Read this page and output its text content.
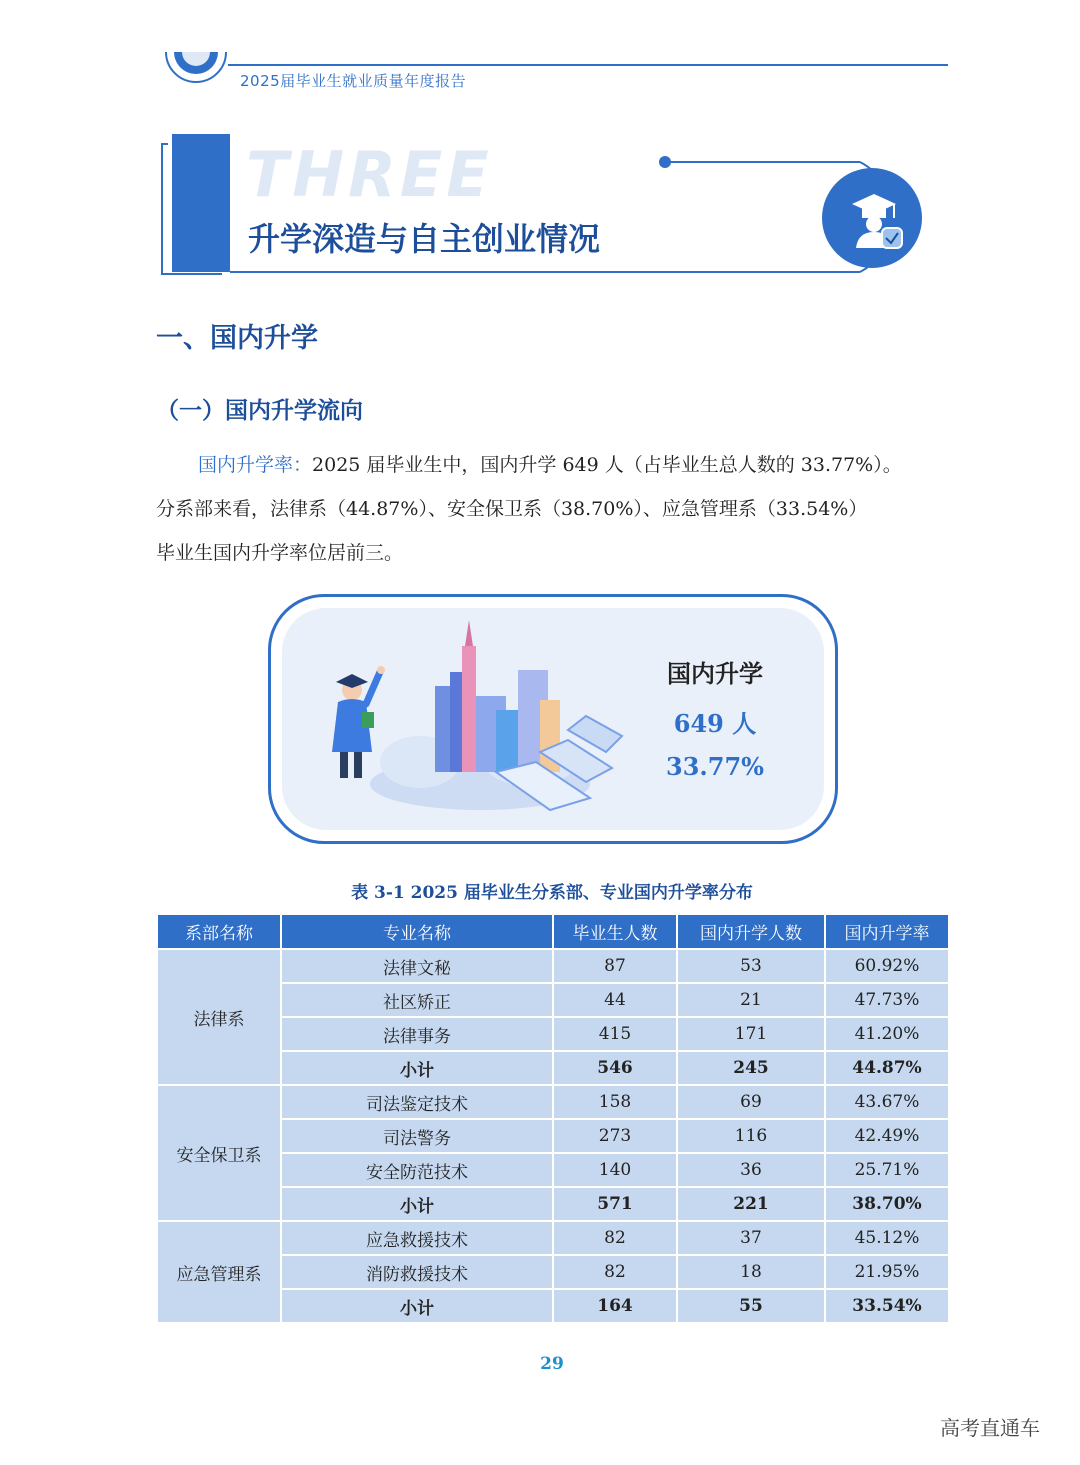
2025届毕业生就业质量年度报告
THREE
升学深造与自主创业情况
一、国内升学
（一）国内升学流向
国内升学率：2025 届毕业生中，国内升学 649 人（占毕业生总人数的 33.77%）。
分系部来看，法律系（44.87%）、安全保卫系（38.70%）、应急管理系（33.54%）
毕业生国内升学率位居前三。
国内升学
649 人
33.77%
表 3-1 2025 届毕业生分系部、专业国内升学率分布
系部名称	专业名称	毕业生人数	国内升学人数	国内升学率
法律系	法律文秘	87	53	60.92%
	社区矫正	44	21	47.73%
	法律事务	415	171	41.20%
	小计	546	245	44.87%
安全保卫系	司法鉴定技术	158	69	43.67%
	司法警务	273	116	42.49%
	安全防范技术	140	36	25.71%
	小计	571	221	38.70%
应急管理系	应急救援技术	82	37	45.12%
	消防救援技术	82	18	21.95%
	小计	164	55	33.54%
29
高考直通车
